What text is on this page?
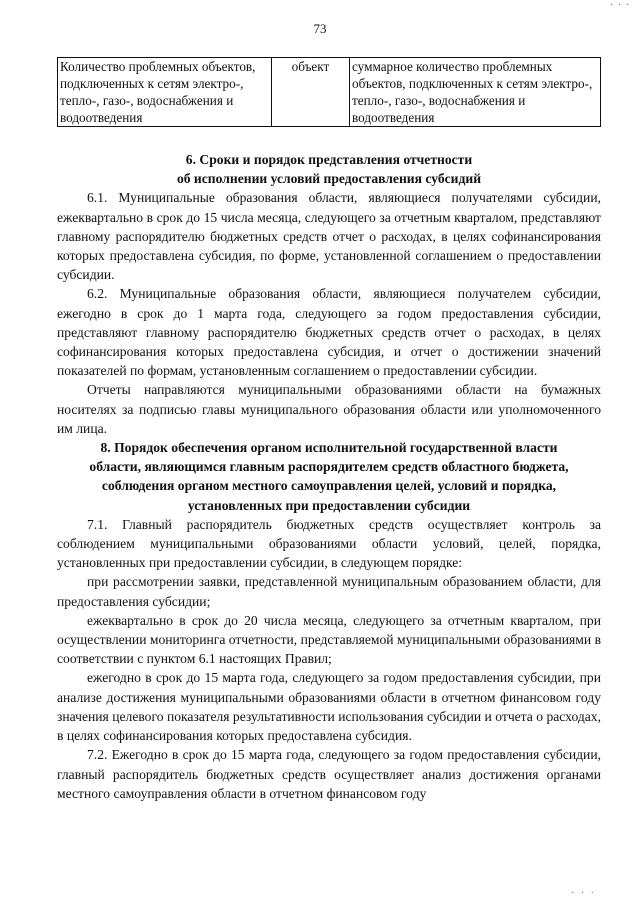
· · ·
73
Количество проблемных объектов, подключенных к сетям электро-, тепло-, газо-, водоснабжения и водоотведения	объект	суммарное количество проблемных объектов, подключенных к сетям электро-, тепло-, газо-, водоснабжения и водоотведения
6. Сроки и порядок представления отчетности
об исполнении условий предоставления субсидий

6.1. Муниципальные образования области, являющиеся получателями субсидии, ежеквартально в срок до 15 числа месяца, следующего за отчетным кварталом, представляют главному распорядителю бюджетных средств отчет о расходах, в целях софинансирования которых предоставлена субсидия, по форме, установленной соглашением о предоставлении субсидии.

6.2. Муниципальные образования области, являющиеся получателем субсидии, ежегодно в срок до 1 марта года, следующего за годом предоставления субсидии, представляют главному распорядителю бюджетных средств отчет о расходах, в целях софинансирования которых предоставлена субсидия, и отчет о достижении значений показателей по формам, установленным соглашением о предоставлении субсидии.

Отчеты направляются муниципальными образованиями области на бумажных носителях за подписью главы муниципального образования области или уполномоченного им лица.

8. Порядок обеспечения органом исполнительной государственной власти
области, являющимся главным распорядителем средств областного бюджета,
соблюдения органом местного самоуправления целей, условий и порядка,
установленных при предоставлении субсидии

7.1. Главный распорядитель бюджетных средств осуществляет контроль за соблюдением муниципальными образованиями области условий, целей, порядка, установленных при предоставлении субсидии, в следующем порядке:

при рассмотрении заявки, представленной муниципальным образованием области, для предоставления субсидии;

ежеквартально в срок до 20 числа месяца, следующего за отчетным кварталом, при осуществлении мониторинга отчетности, представляемой муниципальными образованиями в соответствии с пунктом 6.1 настоящих Правил;

ежегодно в срок до 15 марта года, следующего за годом предоставления субсидии, при анализе достижения муниципальными образованиями области в отчетном финансовом году значения целевого показателя результативности использования субсидии и отчета о расходах, в целях софинансирования которых предоставлена субсидия.

7.2. Ежегодно в срок до 15 марта года, следующего за годом предоставления субсидии, главный распорядитель бюджетных средств осуществляет анализ достижения органами местного самоуправления области в отчетном финансовом году

· · ·
